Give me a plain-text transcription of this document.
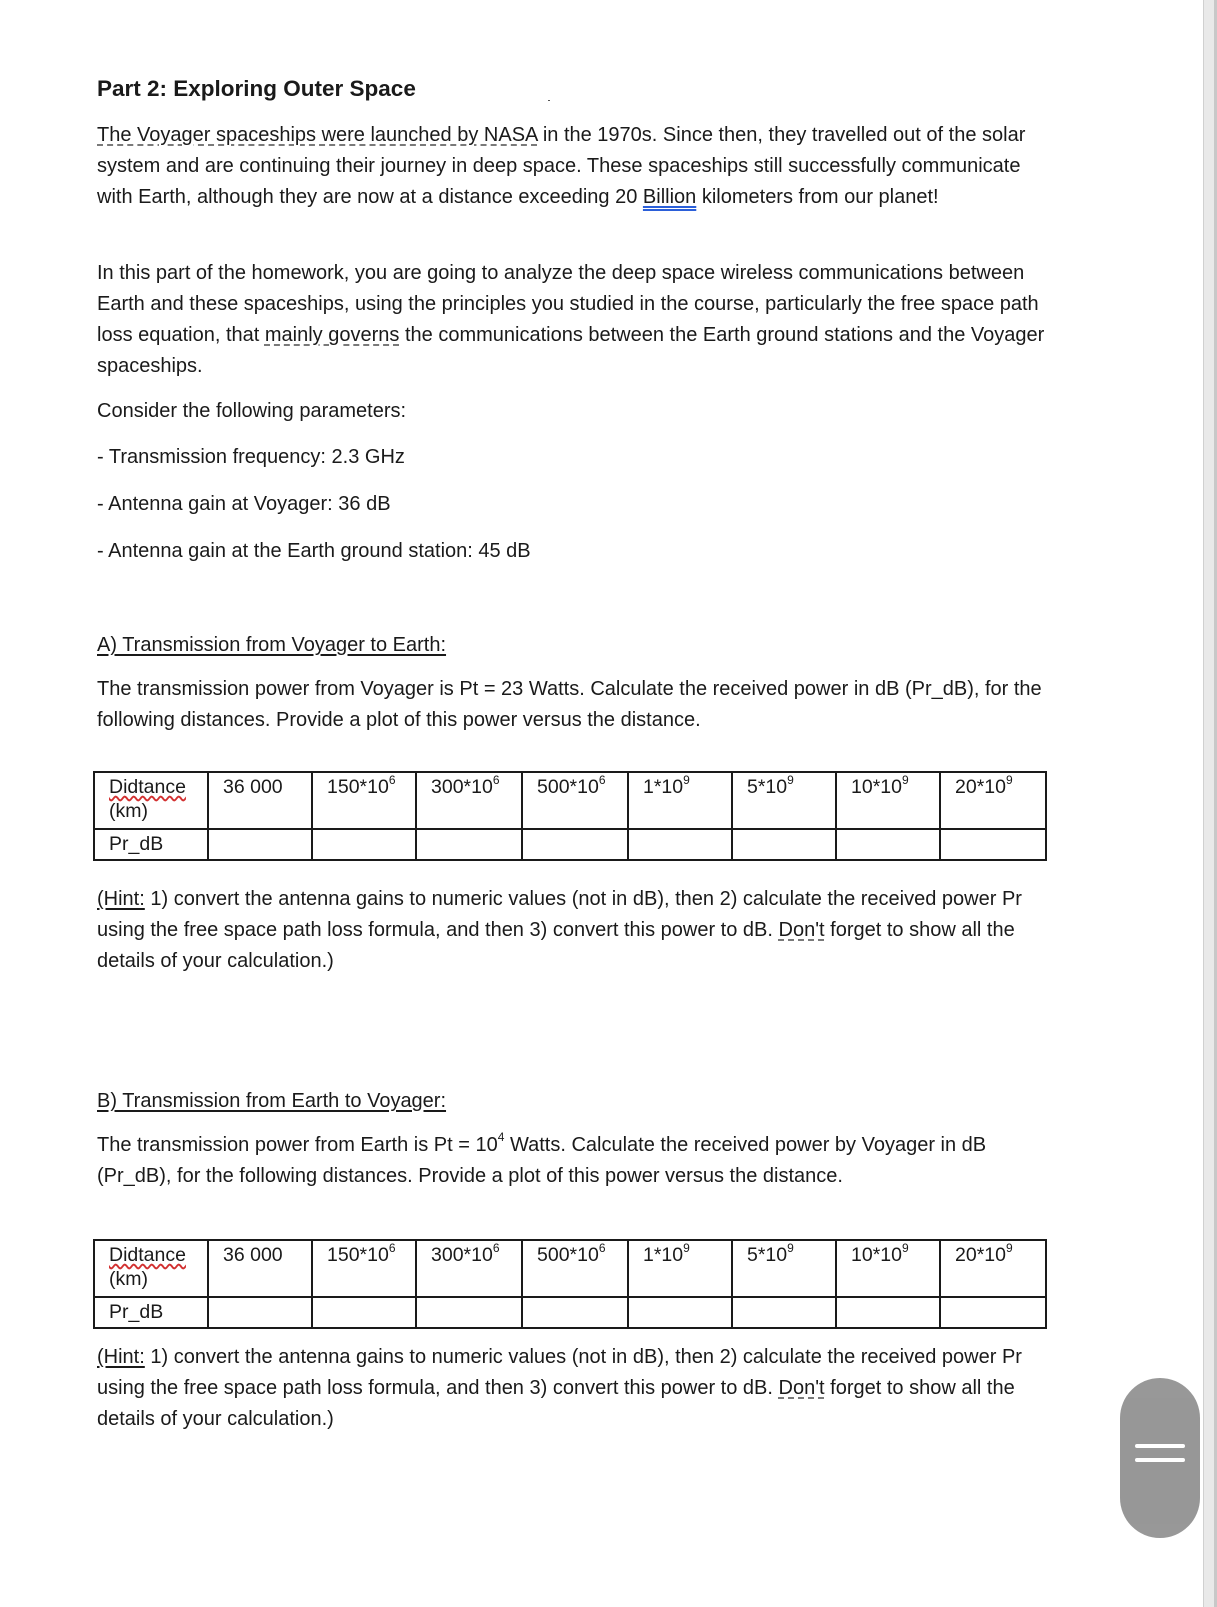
Part 2: Exploring Outer Space

The Voyager spaceships were launched by NASA in the 1970s. Since then, they travelled out of the solar system and are continuing their journey in deep space. These spaceships still successfully communicate with Earth, although they are now at a distance exceeding 20 Billion kilometers from our planet!

In this part of the homework, you are going to analyze the deep space wireless communications between Earth and these spaceships, using the principles you studied in the course, particularly the free space path loss equation, that mainly governs the communications between the Earth ground stations and the Voyager spaceships.

Consider the following parameters:

- Transmission frequency: 2.3 GHz

- Antenna gain at Voyager: 36 dB

- Antenna gain at the Earth ground station: 45 dB

A) Transmission from Voyager to Earth:

The transmission power from Voyager is Pt = 23 Watts. Calculate the received power in dB (Pr_dB), for the following distances. Provide a plot of this power versus the distance.

(Hint: 1) convert the antenna gains to numeric values (not in dB), then 2) calculate the received power Pr using the free space path loss formula, and then 3) convert this power to dB. Don't forget to show all the details of your calculation.)

B) Transmission from Earth to Voyager:

The transmission power from Earth is $Pt = 10^4$ Watts. Calculate the received power by Voyager in dB (Pr_dB), for the following distances. Provide a plot of this power versus the distance.

(Hint: 1) convert the antenna gains to numeric values (not in dB), then 2) calculate the received power Pr using the free space path loss formula, and then 3) convert this power to dB. Don't forget to show all the details of your calculation.)

Didtance
(km)	36 000	$150*10^6$	$300*10^6$	$500*10^6$	$1*10^9$	$5*10^9$	$10*10^9$	$20*10^9$
Pr_dB								
Didtance
(km)	36 000	$150*10^6$	$300*10^6$	$500*10^6$	$1*10^9$	$5*10^9$	$10*10^9$	$20*10^9$
Pr_dB								
